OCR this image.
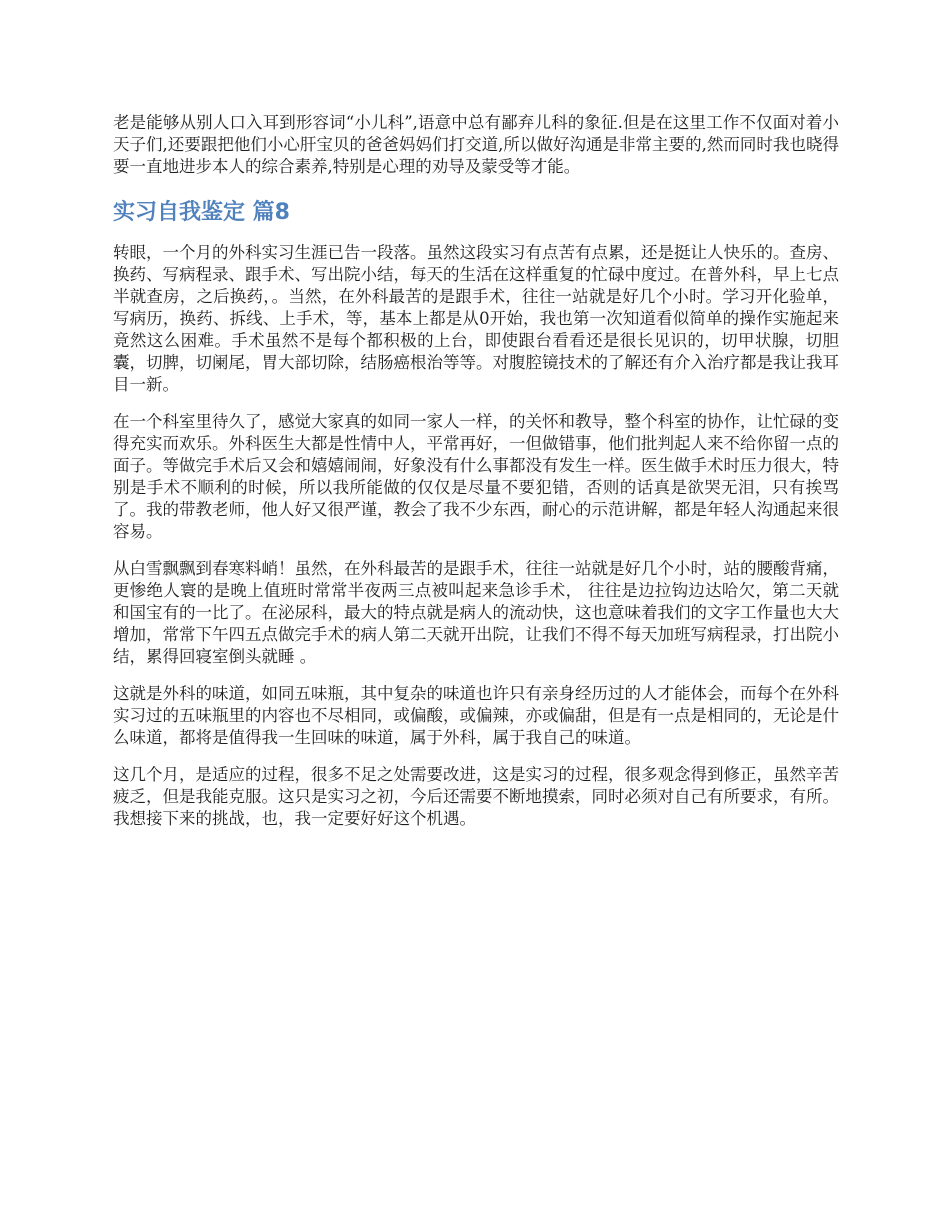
老是能够从别人口入耳到形容词“小儿科”,语意中总有鄙弃儿科的象征.但是在这里工作不仅面对着小天子们,还要跟把他们小心肝宝贝的爸爸妈妈们打交道,所以做好沟通是非常主要的,然而同时我也晓得要一直地进步本人的综合素养,特别是心理的劝导及蒙受等才能。

实习自我鉴定 篇8

转眼，一个月的外科实习生涯已告一段落。虽然这段实习有点苦有点累，还是挺让人快乐的。查房、换药、写病程录、跟手术、写出院小结，每天的生活在这样重复的忙碌中度过。在普外科，早上七点半就查房，之后换药，。当然，在外科最苦的是跟手术，往往一站就是好几个小时。学习开化验单，写病历，换药、拆线、上手术，等，基本上都是从0开始，我也第一次知道看似简单的操作实施起来竟然这么困难。手术虽然不是每个都积极的上台，即使跟台看看还是很长见识的，切甲状腺，切胆囊，切脾，切阑尾，胃大部切除，结肠癌根治等等。对腹腔镜技术的了解还有介入治疗都是我让我耳目一新。

在一个科室里待久了，感觉大家真的如同一家人一样，的关怀和教导，整个科室的协作，让忙碌的变得充实而欢乐。外科医生大都是性情中人，平常再好，一但做错事，他们批判起人来不给你留一点的面子。等做完手术后又会和嬉嬉闹闹，好象没有什么事都没有发生一样。医生做手术时压力很大，特别是手术不顺利的时候，所以我所能做的仅仅是尽量不要犯错，否则的话真是欲哭无泪，只有挨骂了。我的带教老师，他人好又很严谨，教会了我不少东西，耐心的示范讲解，都是年轻人沟通起来很容易。

从白雪飘飘到春寒料峭！虽然，在外科最苦的是跟手术，往往一站就是好几个小时，站的腰酸背痛，更惨绝人寰的是晚上值班时常常半夜两三点被叫起来急诊手术， 往往是边拉钩边达哈欠，第二天就和国宝有的一比了。在泌尿科，最大的特点就是病人的流动快，这也意味着我们的文字工作量也大大增加，常常下午四五点做完手术的病人第二天就开出院，让我们不得不每天加班写病程录，打出院小结，累得回寝室倒头就睡 。

这就是外科的味道，如同五味瓶，其中复杂的味道也许只有亲身经历过的人才能体会，而每个在外科实习过的五味瓶里的内容也不尽相同，或偏酸，或偏辣，亦或偏甜，但是有一点是相同的，无论是什么味道，都将是值得我一生回味的味道，属于外科，属于我自己的味道。

这几个月，是适应的过程，很多不足之处需要改进，这是实习的过程，很多观念得到修正，虽然辛苦疲乏，但是我能克服。这只是实习之初，今后还需要不断地摸索，同时必须对自己有所要求，有所。我想接下来的挑战，也，我一定要好好这个机遇。
